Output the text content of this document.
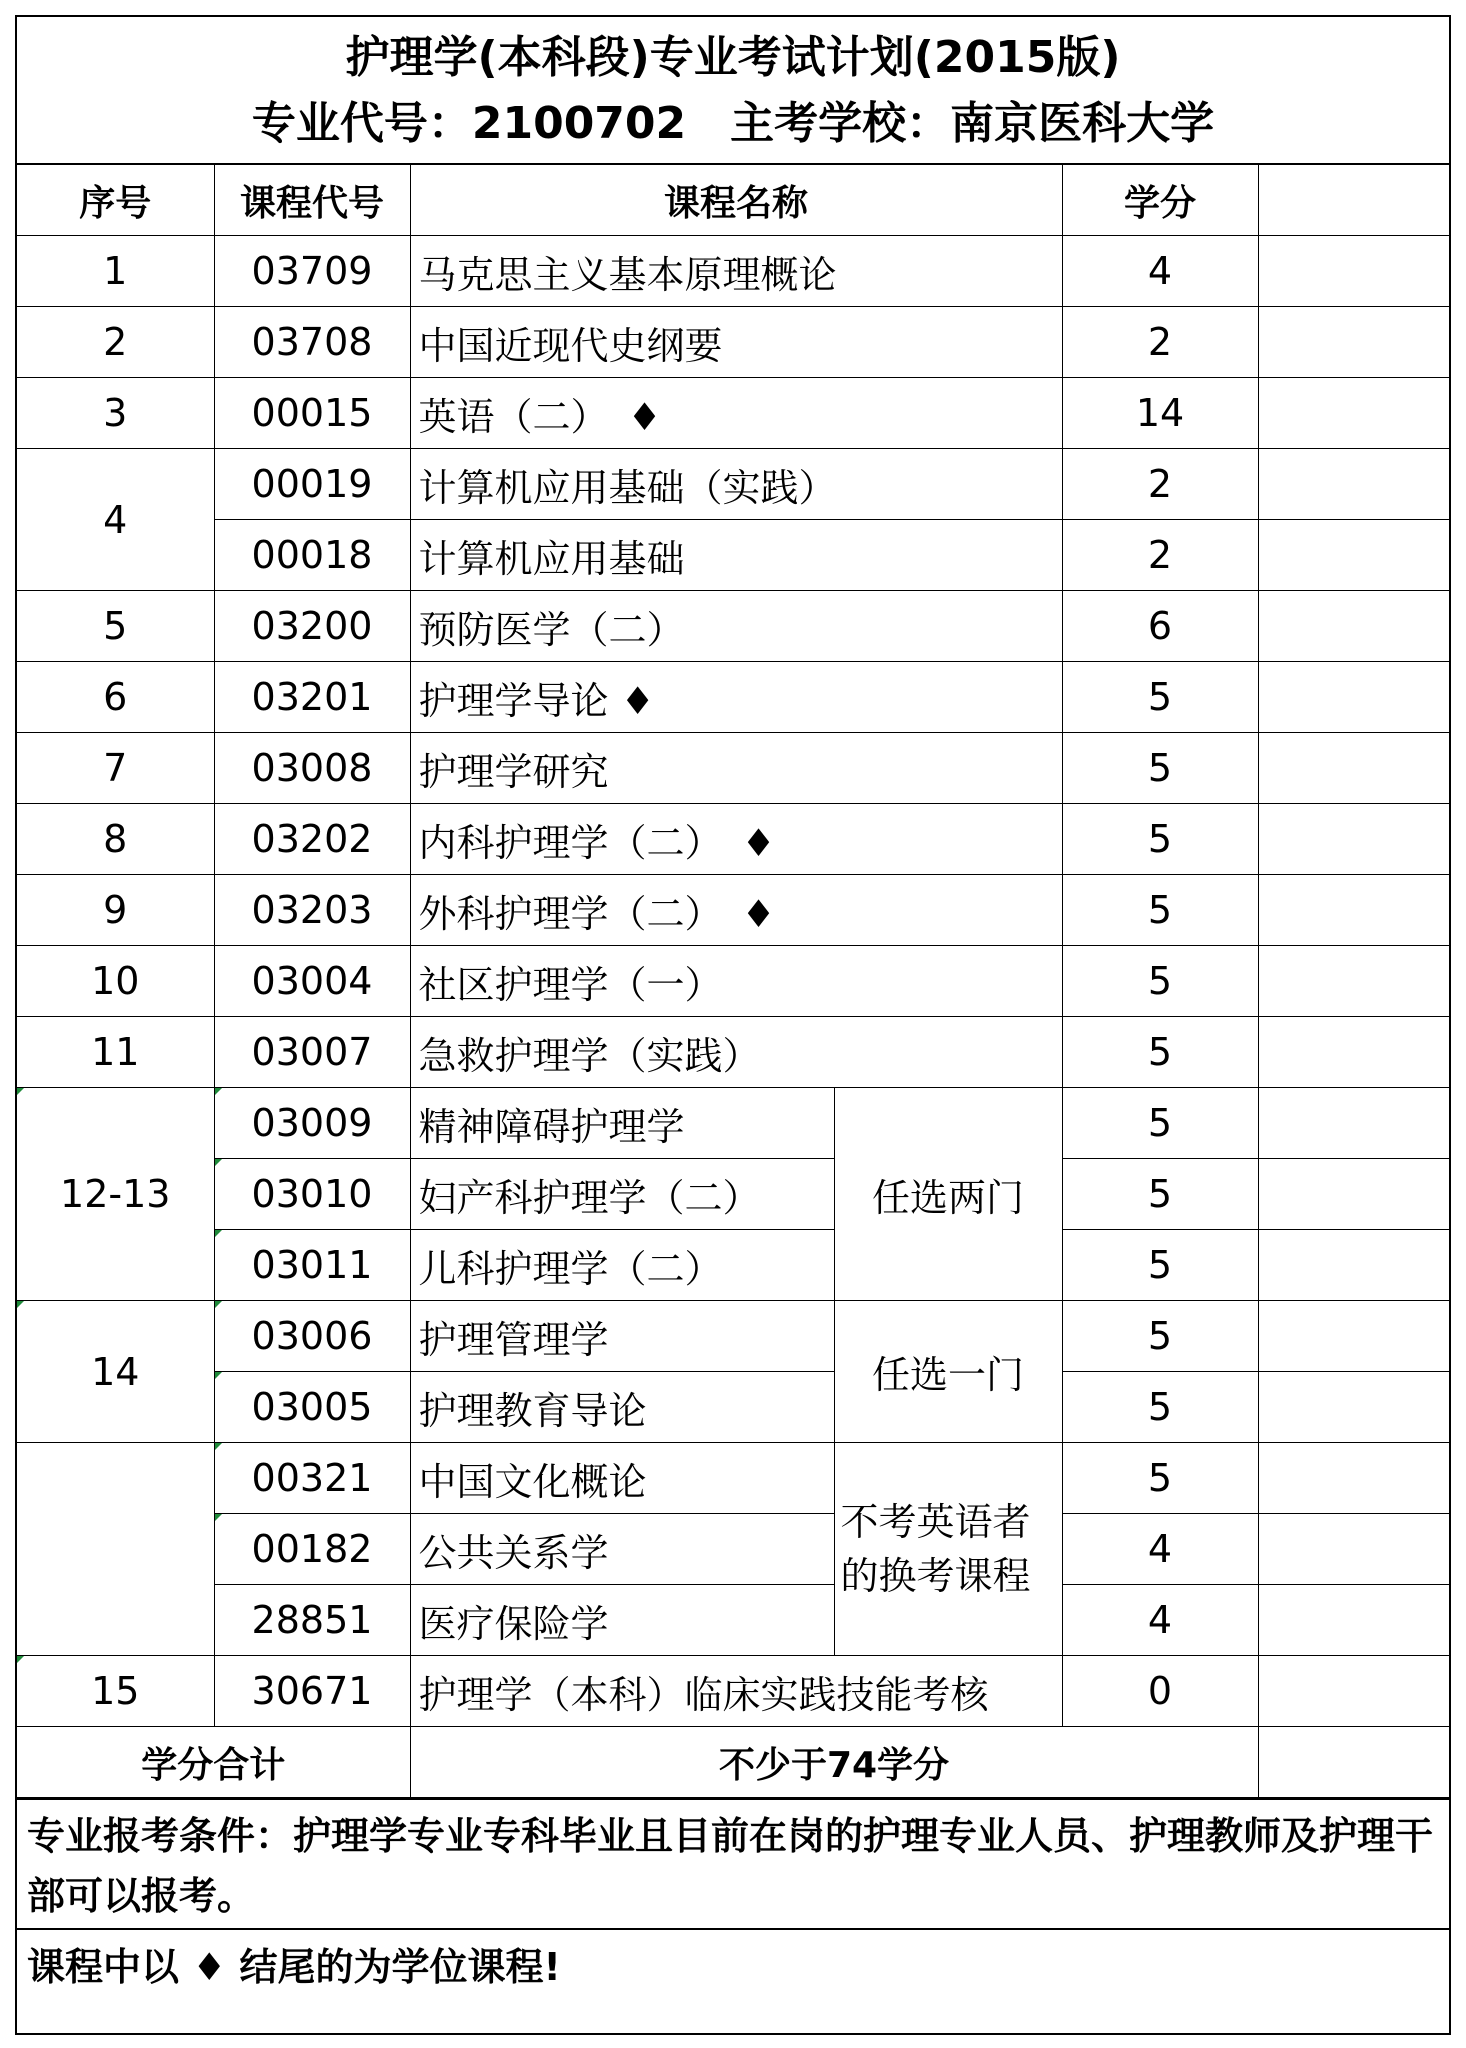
护理学(本科段)专业考试计划(2015版)
专业代号：2100702 主考学校：南京医科大学
序号	课程代号	课程名称		学分	
1	03709	马克思主义基本原理概论		4	
2	03708	中国近现代史纲要		2	
3	00015	英语（二）　♦		14	
4	00019	计算机应用基础（实践）		2	
	00018	计算机应用基础		2	
5	03200	预防医学（二）		6	
6	03201	护理学导论 ♦		5	
7	03008	护理学研究		5	
8	03202	内科护理学（二）　♦		5	
9	03203	外科护理学（二）　♦		5	
10	03004	社区护理学（一）		5	
11	03007	急救护理学（实践）		5	
12-13	03009	精神障碍护理学	任选两门	5	
	03010	妇产科护理学（二）		5	
	03011	儿科护理学（二）		5	
14	03006	护理管理学	任选一门	5	
	03005	护理教育导论		5	
	00321	中国文化概论	不考英语者的换考课程	5	
	00182	公共关系学		4	
	28851	医疗保险学		4	
15	30671	护理学（本科）临床实践技能考核		0	
学分合计		不少于74学分			
专业报考条件：护理学专业专科毕业且目前在岗的护理专业人员、护理教师及护理干部可以报考。
课程中以 ♦ 结尾的为学位课程!
